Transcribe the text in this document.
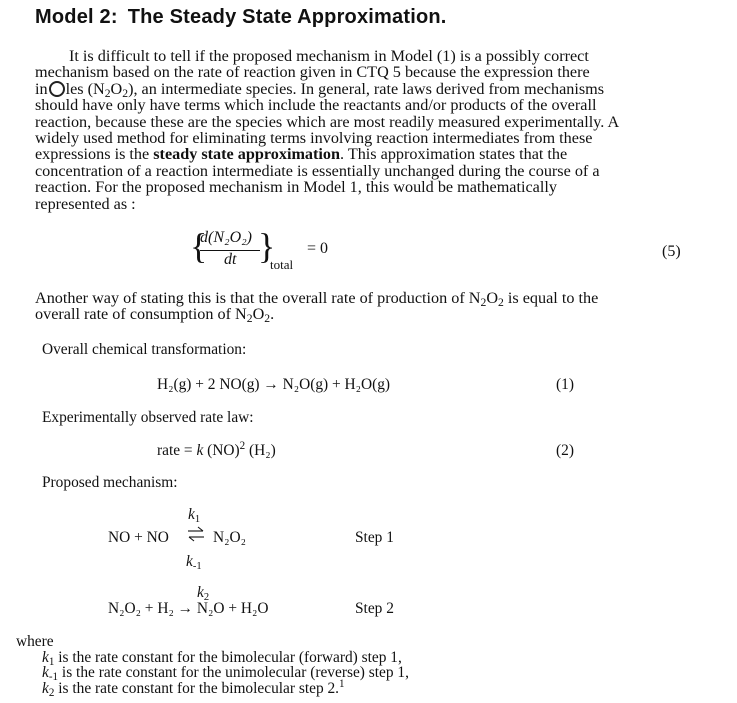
Model 2: The Steady State Approximation.
It is difficult to tell if the proposed mechanism in Model (1) is a possibly correct
mechanism based on the rate of reaction given in CTQ 5 because the expression there
in les $(N_2O_2)$, an intermediate species. In general, rate laws derived from mechanisms
should have only have terms which include the reactants and/or products of the overall
reaction, because these are the species which are most readily measured experimentally. A
widely used method for eliminating terms involving reaction intermediates from these
expressions is the steady state approximation. This approximation states that the
concentration of a reaction intermediate is essentially unchanged during the course of a
reaction. For the proposed mechanism in Model 1, this would be mathematically
represented as :
{
d(N₂O₂)
dt }
total
= 0	(5)
Another way of stating this is that the overall rate of production of $N_2O_2$ is equal to the
overall rate of consumption of $N_2O_2$.
Overall chemical transformation:
H₂(g) + 2 NO(g) → N₂O(g) + H₂O(g)	(1)
Experimentally observed rate law:
rate = k (NO)$^2$ (H₂)	(2)
Proposed mechanism:
$k_1$
NO + NO ⇌ N₂O₂	Step 1
$k_{-1}$
$k_2$
N₂O₂ + H₂ → N₂O + H₂O	Step 2
where
$k_1$ is the rate constant for the bimolecular (forward) step 1,
$k_{-1}$ is the rate constant for the unimolecular (reverse) step 1,
$k_2$ is the rate constant for the bimolecular step 2.$^1$
